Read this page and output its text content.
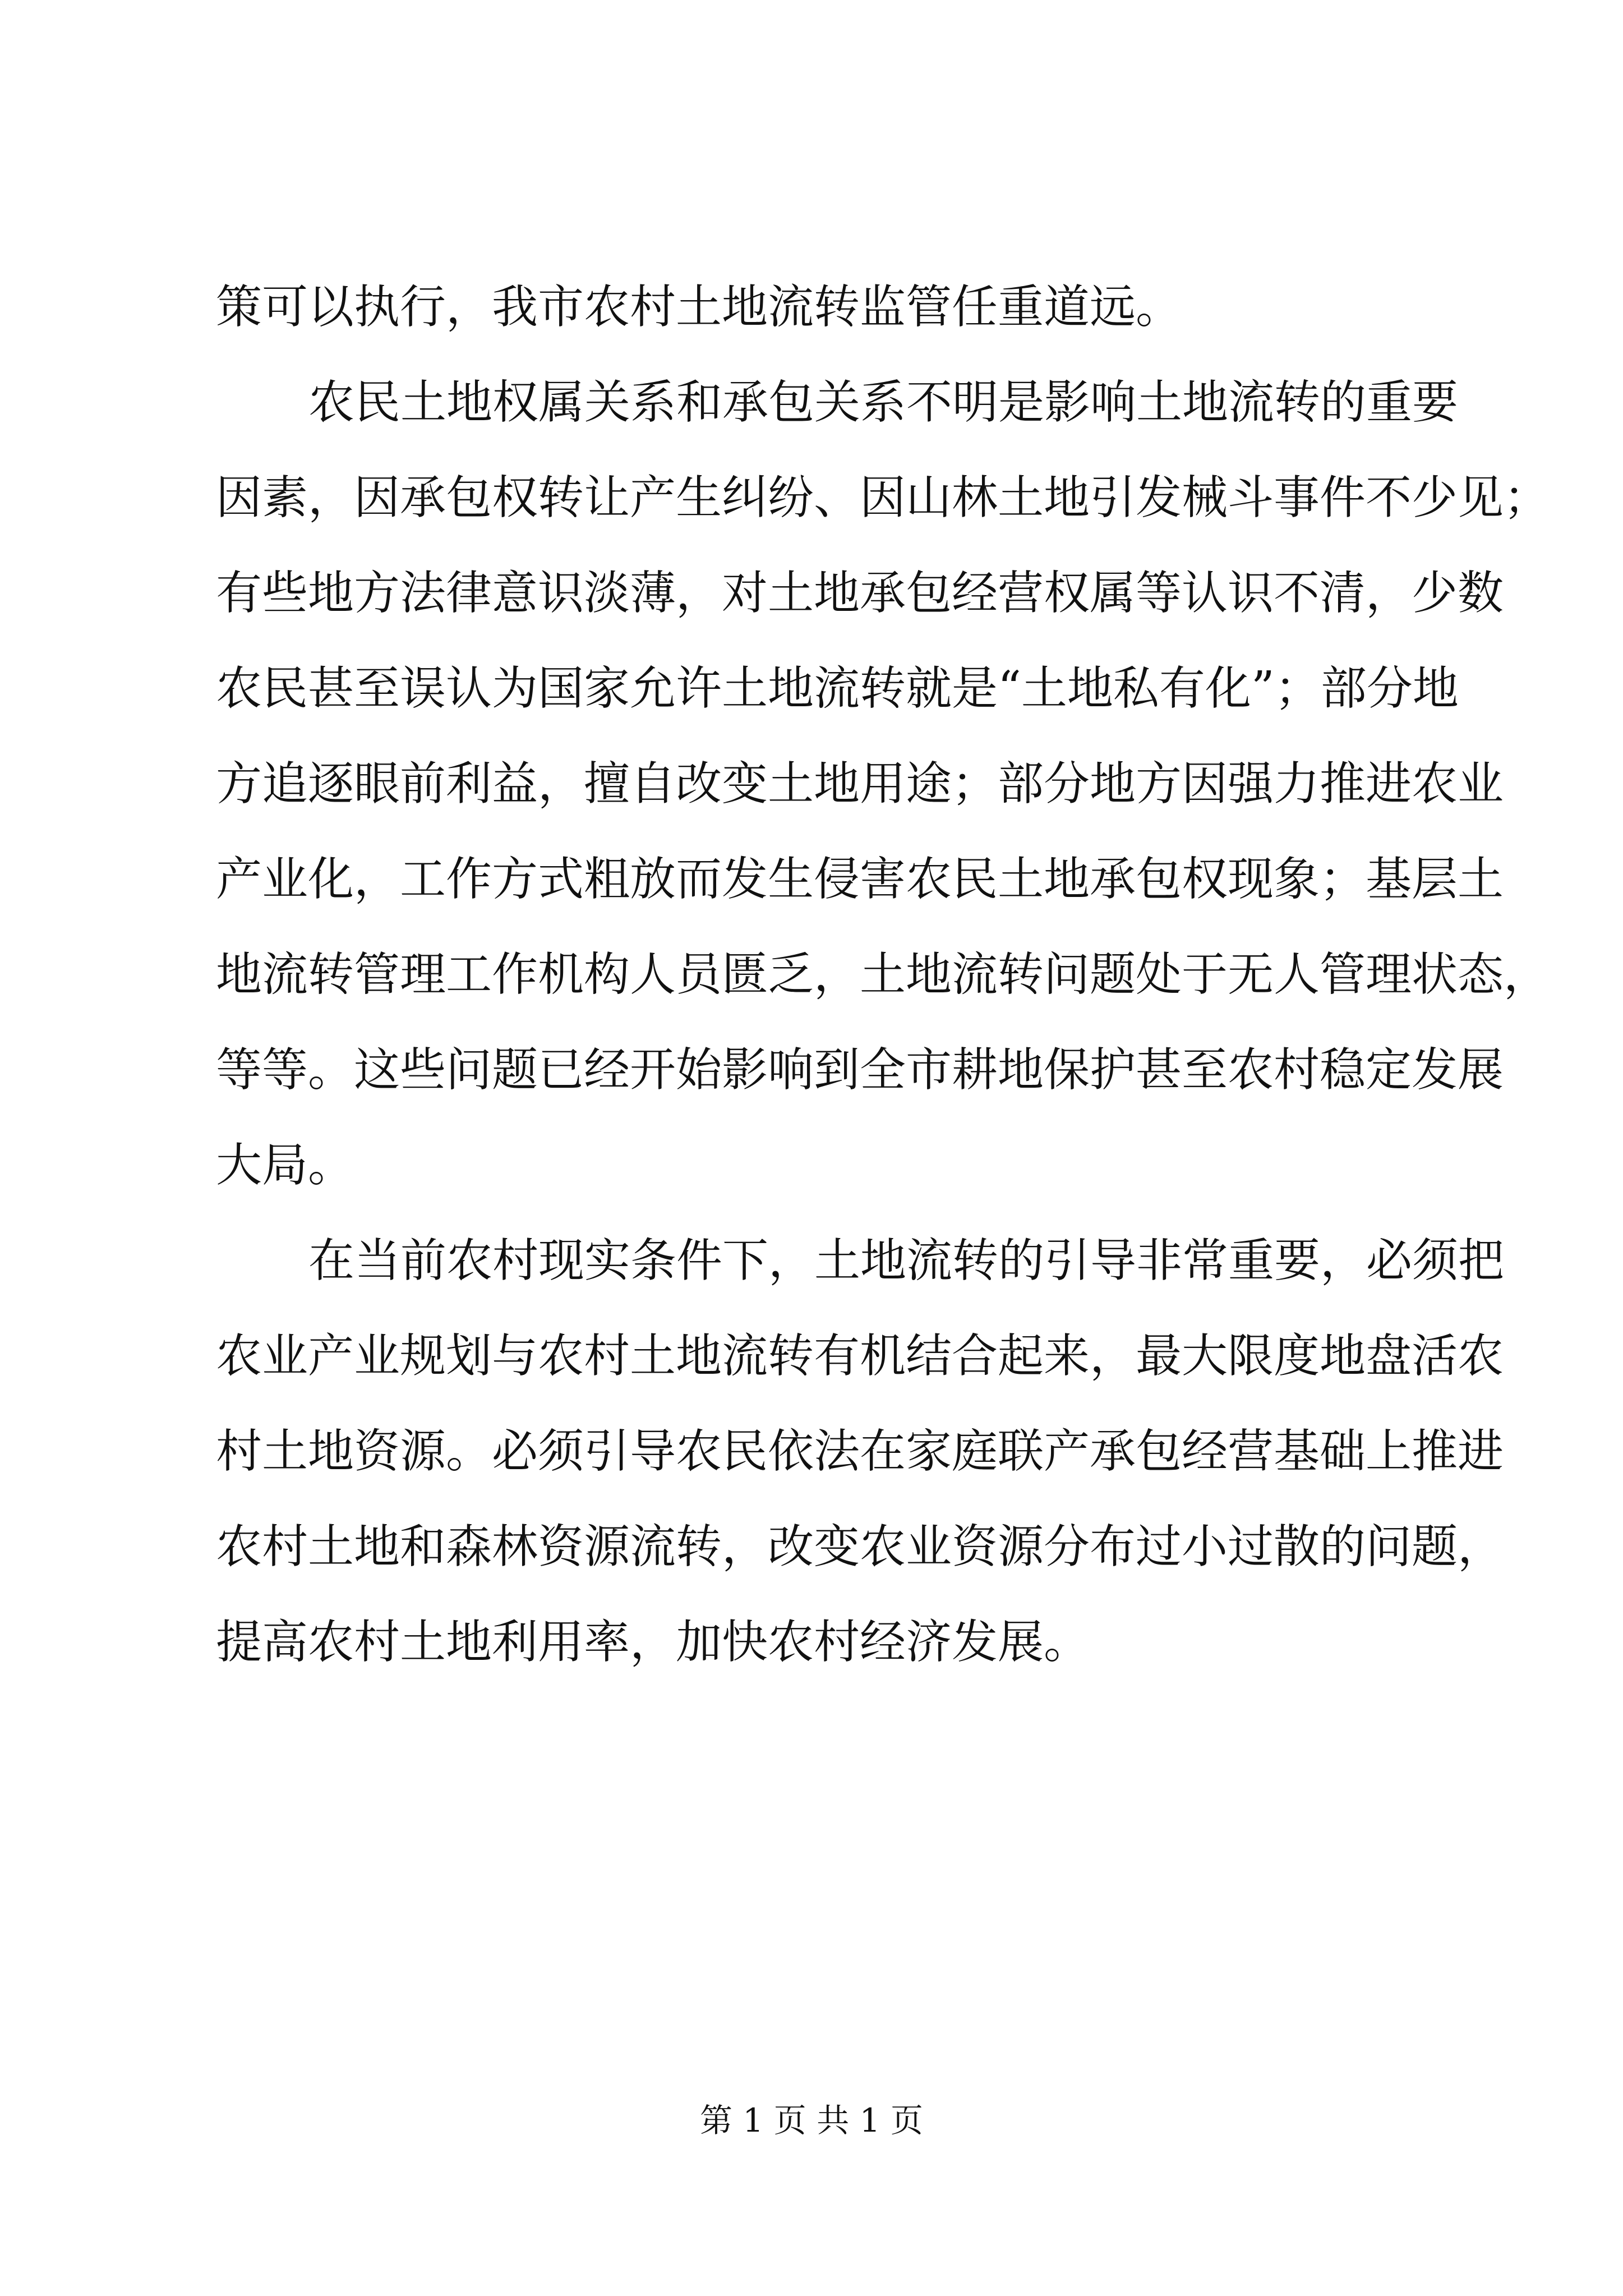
策可以执行，我市农村土地流转监管任重道远。
农民土地权属关系和承包关系不明是影响土地流转的重要
因素，因承包权转让产生纠纷、因山林土地引发械斗事件不少见；
有些地方法律意识淡薄，对土地承包经营权属等认识不清，少数
农民甚至误认为国家允许土地流转就是“土地私有化”；部分地
方追逐眼前利益，擅自改变土地用途；部分地方因强力推进农业
产业化，工作方式粗放而发生侵害农民土地承包权现象；基层土
地流转管理工作机构人员匮乏，土地流转问题处于无人管理状态，
等等。这些问题已经开始影响到全市耕地保护甚至农村稳定发展
大局。
在当前农村现实条件下，土地流转的引导非常重要，必须把
农业产业规划与农村土地流转有机结合起来，最大限度地盘活农
村土地资源。必须引导农民依法在家庭联产承包经营基础上推进
农村土地和森林资源流转，改变农业资源分布过小过散的问题，
提高农村土地利用率，加快农村经济发展。
第 1 页 共 1 页
